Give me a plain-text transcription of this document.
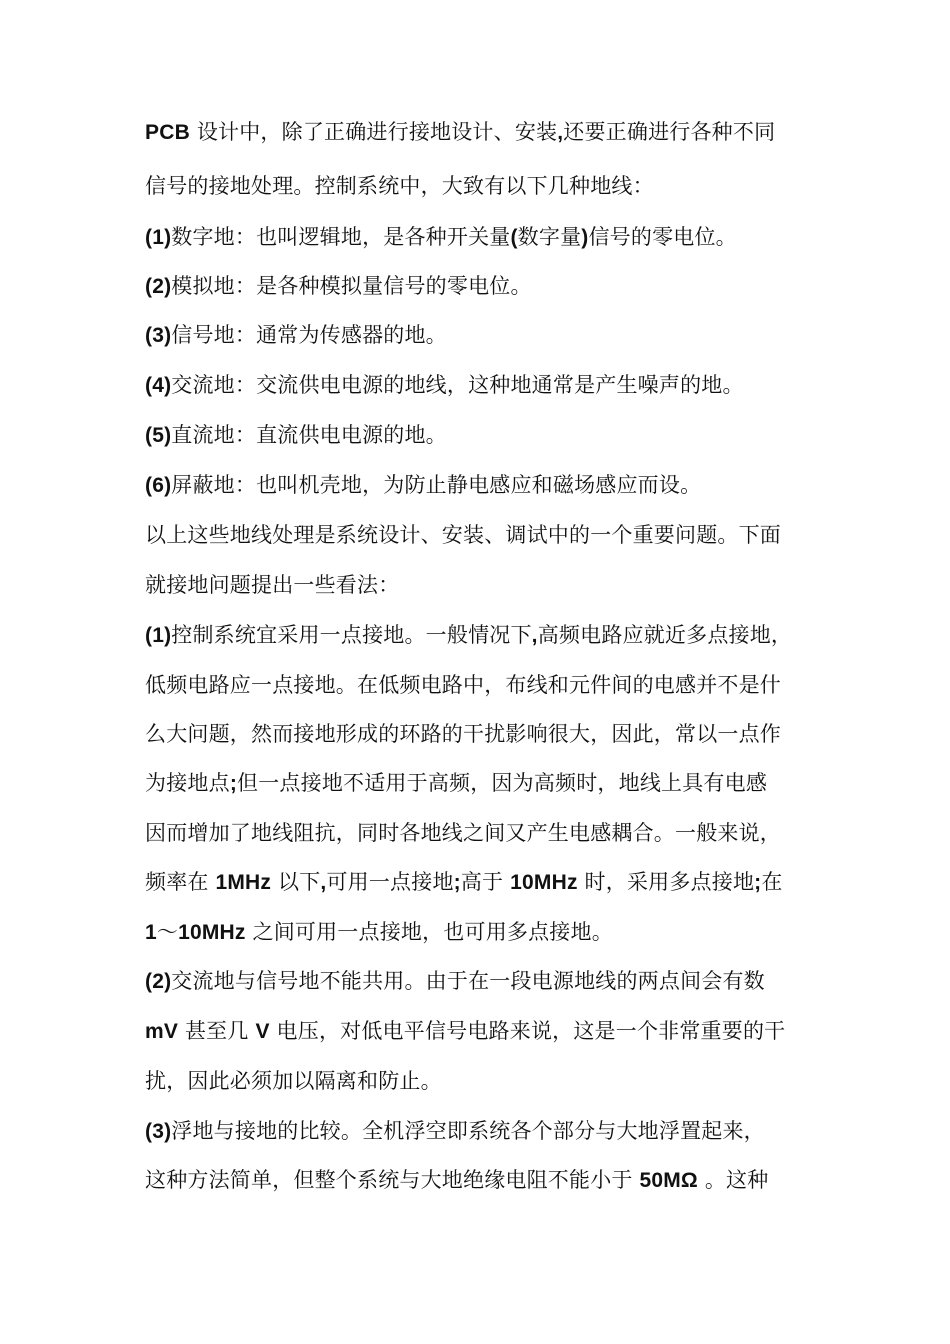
PCB 设计中，除了正确进行接地设计、安装,还要正确进行各种不同
信号的接地处理。控制系统中，大致有以下几种地线：
(1)数字地：也叫逻辑地，是各种开关量(数字量)信号的零电位。
(2)模拟地：是各种模拟量信号的零电位。
(3)信号地：通常为传感器的地。
(4)交流地：交流供电电源的地线，这种地通常是产生噪声的地。
(5)直流地：直流供电电源的地。
(6)屏蔽地：也叫机壳地，为防止静电感应和磁场感应而设。
以上这些地线处理是系统设计、安装、调试中的一个重要问题。下面
就接地问题提出一些看法：
(1)控制系统宜采用一点接地。一般情况下,高频电路应就近多点接地，
低频电路应一点接地。在低频电路中，布线和元件间的电感并不是什
么大问题，然而接地形成的环路的干扰影响很大，因此，常以一点作
为接地点;但一点接地不适用于高频，因为高频时，地线上具有电感
因而增加了地线阻抗，同时各地线之间又产生电感耦合。一般来说，
频率在 1MHz 以下,可用一点接地;高于 10MHz 时，采用多点接地;在
1～10MHz 之间可用一点接地，也可用多点接地。
(2)交流地与信号地不能共用。由于在一段电源地线的两点间会有数
mV 甚至几 V 电压，对低电平信号电路来说，这是一个非常重要的干
扰，因此必须加以隔离和防止。
(3)浮地与接地的比较。全机浮空即系统各个部分与大地浮置起来，
这种方法简单，但整个系统与大地绝缘电阻不能小于 50MΩ 。这种
